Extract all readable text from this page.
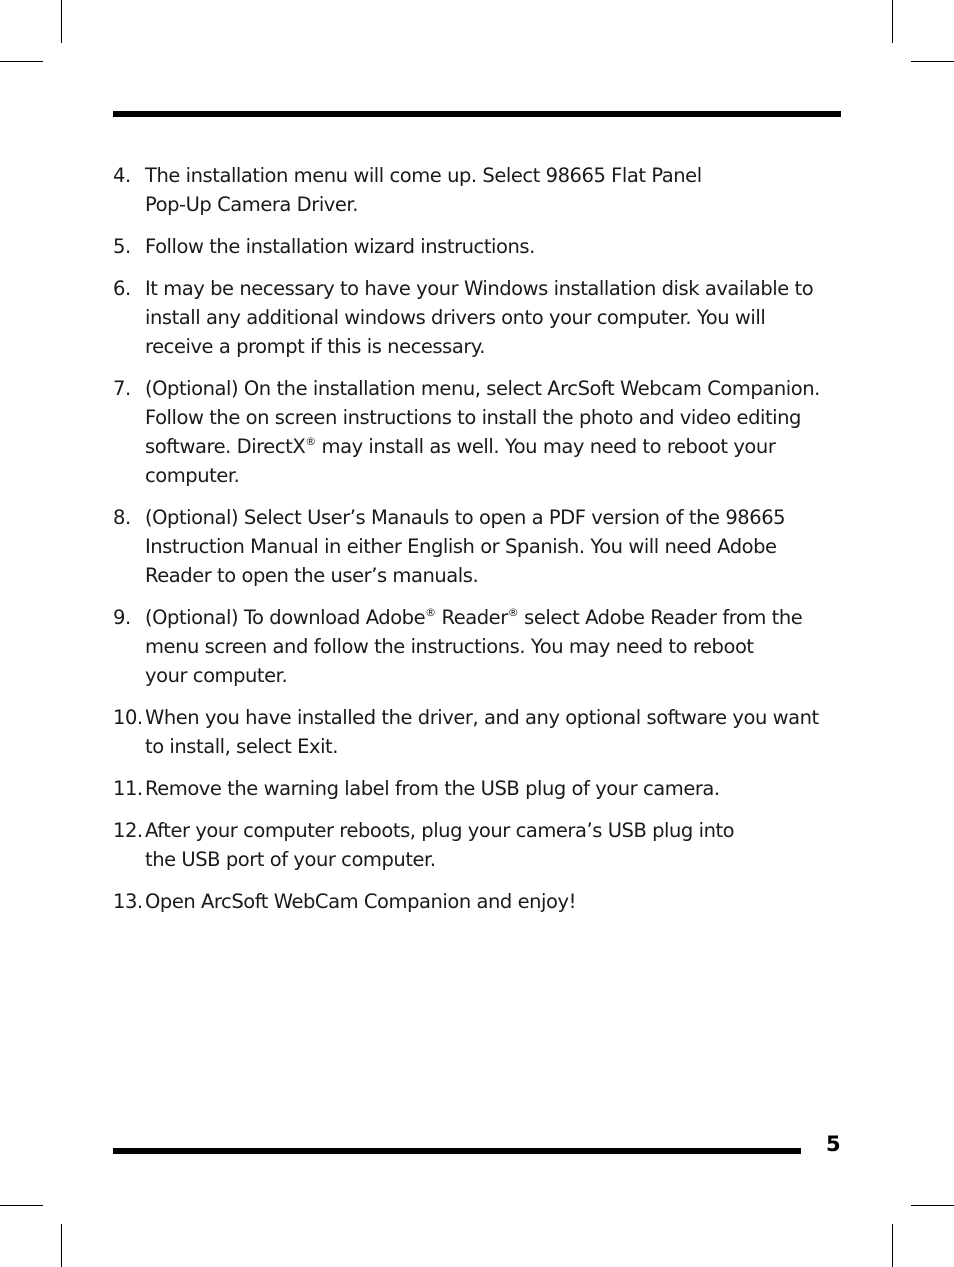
4. The installation menu will come up. Select 98665 Flat Panel
Pop-Up Camera Driver.
5. Follow the installation wizard instructions.
6. It may be necessary to have your Windows installation disk available to
install any additional windows drivers onto your computer. You will
receive a prompt if this is necessary.
7. (Optional) On the installation menu, select ArcSoft Webcam Companion.
Follow the on screen instructions to install the photo and video editing
software. DirectX® may install as well. You may need to reboot your
computer.
8. (Optional) Select User’s Manauls to open a PDF version of the 98665
Instruction Manual in either English or Spanish. You will need Adobe
Reader to open the user’s manuals.
9. (Optional) To download Adobe® Reader® select Adobe Reader from the
menu screen and follow the instructions. You may need to reboot
your computer.
10. When you have installed the driver, and any optional software you want
to install, select Exit.
11. Remove the warning label from the USB plug of your camera.
12. After your computer reboots, plug your camera’s USB plug into
the USB port of your computer.
13. Open ArcSoft WebCam Companion and enjoy!
5
